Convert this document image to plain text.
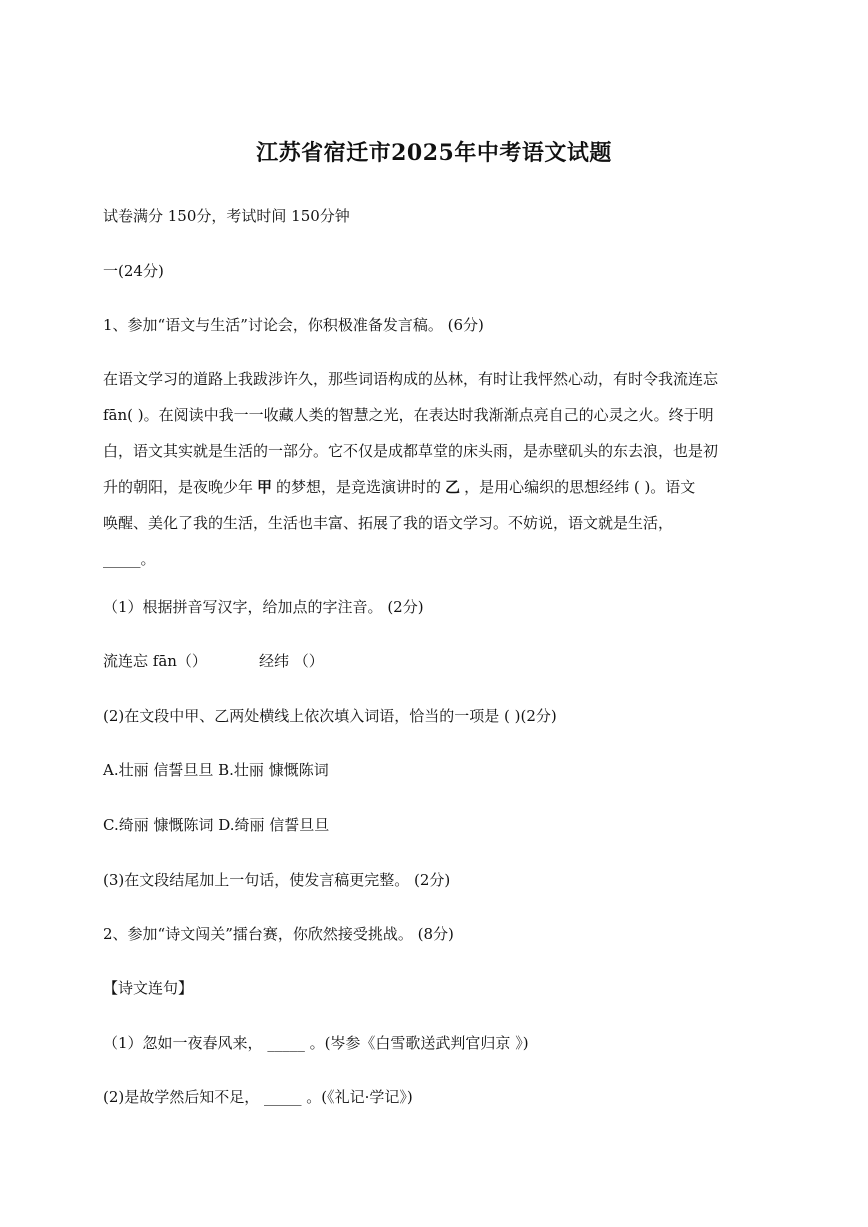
江苏省宿迁市2025年中考语文试题
试卷满分 150分，考试时间 150分钟
一(24分)
1、参加“语文与生活”讨论会，你积极准备发言稿。 (6分)
在语文学习的道路上我跋涉许久，那些词语构成的丛林，有时让我怦然心动，有时令我流连忘
fān( )。在阅读中我一一收藏人类的智慧之光，在表达时我渐渐点亮自己的心灵之火。终于明
白，语文其实就是生活的一部分。它不仅是成都草堂的床头雨，是赤壁矶头的东去浪，也是初
升的朝阳，是夜晚少年 甲 的梦想，是竞选演讲时的 乙 ，是用心编织的思想经纬 ( )。语文
唤醒、美化了我的生活，生活也丰富、拓展了我的语文学习。不妨说，语文就是生活，
_____。
（1）根据拼音写汉字，给加点的字注音。 (2分)
流连忘 fān（）	经纬 （）
(2)在文段中甲、乙两处横线上依次填入词语，恰当的一项是 ( )(2分)
A.壮丽 信誓旦旦 B.壮丽 慷慨陈词
C.绮丽 慷慨陈词 D.绮丽 信誓旦旦
(3)在文段结尾加上一句话，使发言稿更完整。 (2分)
2、参加“诗文闯关”擂台赛，你欣然接受挑战。 (8分)
【诗文连句】
（1）忽如一夜春风来， _____ 。(岑参《白雪歌送武判官归京 》)
(2)是故学然后知不足， _____ 。(《礼记·学记》)
